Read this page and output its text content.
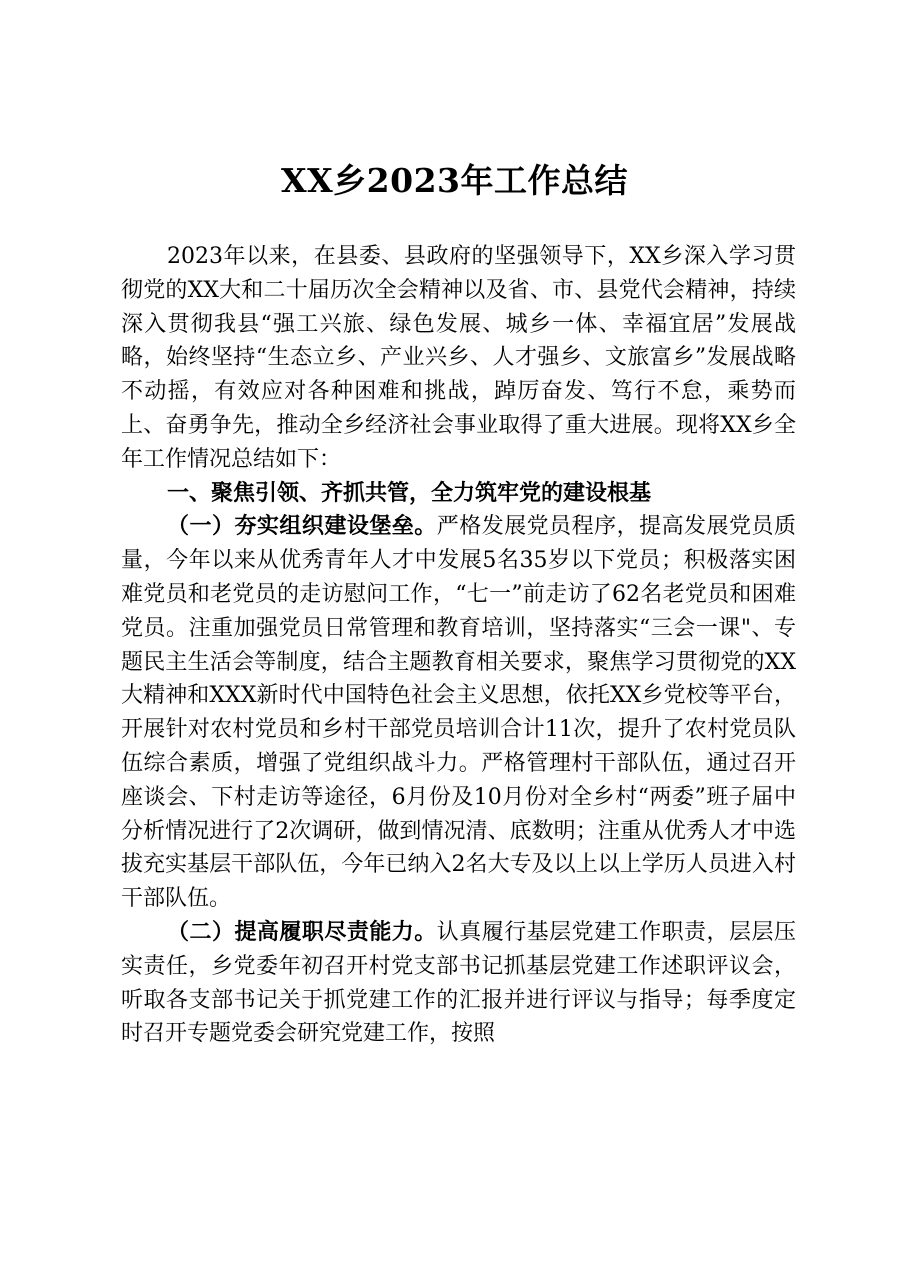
XX乡2023年工作总结

2023年以来，在县委、县政府的坚强领导下，XX乡深入学习贯彻党的XX大和二十届历次全会精神以及省、市、县党代会精神，持续深入贯彻我县“强工兴旅、绿色发展、城乡一体、幸福宜居”发展战略，始终坚持“生态立乡、产业兴乡、人才强乡、文旅富乡”发展战略不动摇，有效应对各种困难和挑战，踔厉奋发、笃行不怠，乘势而上、奋勇争先，推动全乡经济社会事业取得了重大进展。现将XX乡全年工作情况总结如下：

一、聚焦引领、齐抓共管，全力筑牢党的建设根基

（一）夯实组织建设堡垒。严格发展党员程序，提高发展党员质量，今年以来从优秀青年人才中发展5名35岁以下党员；积极落实困难党员和老党员的走访慰问工作，“七一”前走访了62名老党员和困难党员。注重加强党员日常管理和教育培训，坚持落实“三会一课"、专题民主生活会等制度，结合主题教育相关要求，聚焦学习贯彻党的XX大精神和XXX新时代中国特色社会主义思想，依托XX乡党校等平台，开展针对农村党员和乡村干部党员培训合计11次，提升了农村党员队伍综合素质，增强了党组织战斗力。严格管理村干部队伍，通过召开座谈会、下村走访等途径，6月份及10月份对全乡村“两委”班子届中分析情况进行了2次调研，做到情况清、底数明；注重从优秀人才中选拔充实基层干部队伍，今年已纳入2名大专及以上以上学历人员进入村干部队伍。

（二）提高履职尽责能力。认真履行基层党建工作职责，层层压实责任，乡党委年初召开村党支部书记抓基层党建工作述职评议会，听取各支部书记关于抓党建工作的汇报并进行评议与指导；每季度定时召开专题党委会研究党建工作，按照
